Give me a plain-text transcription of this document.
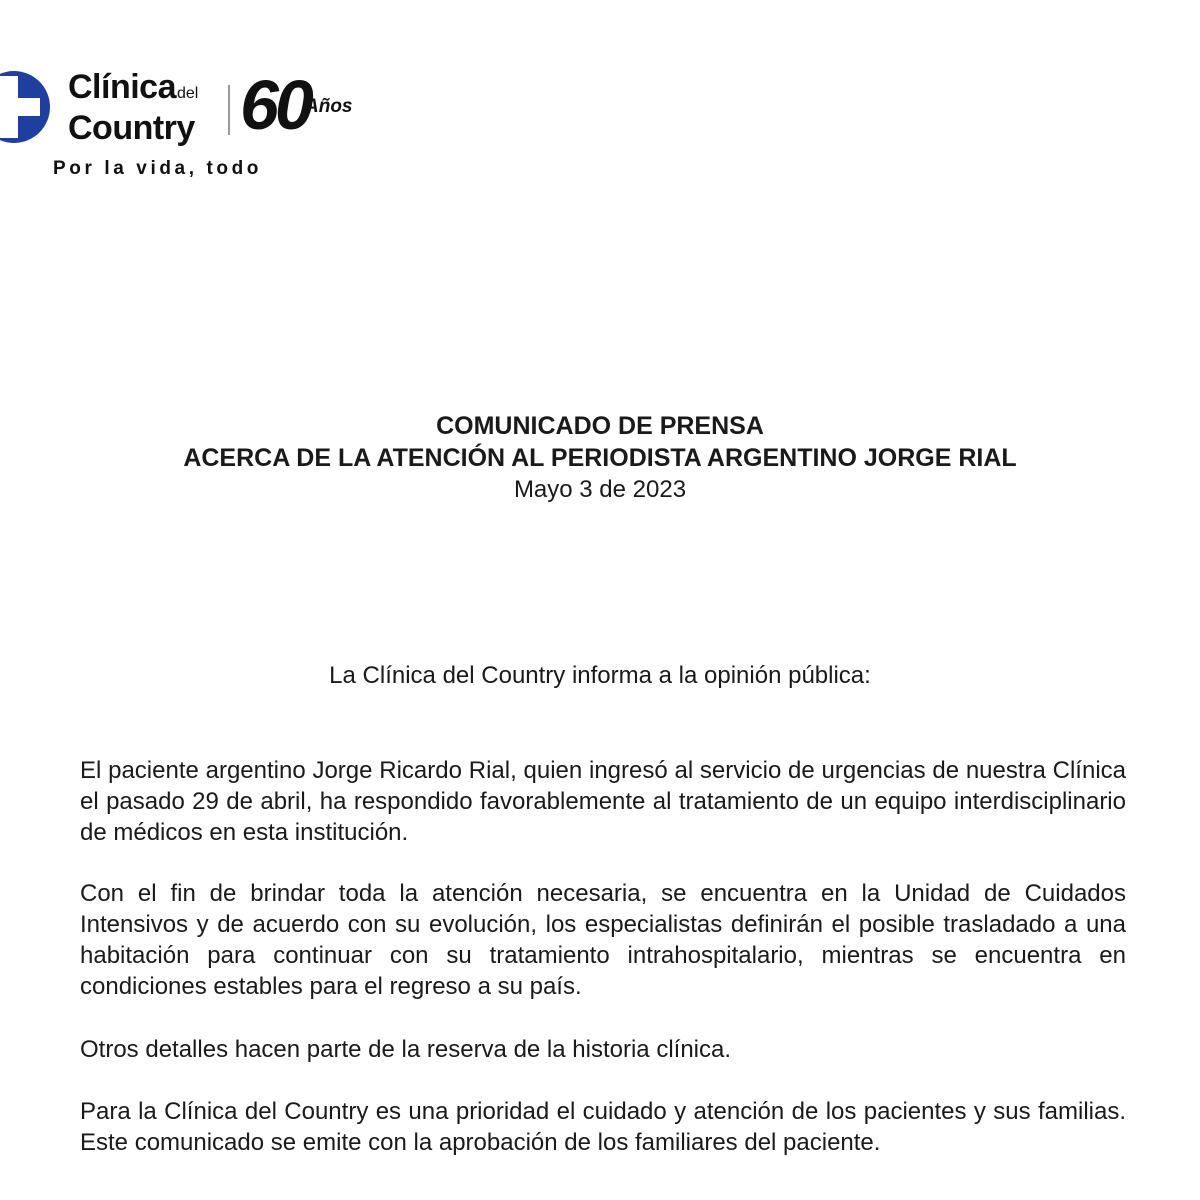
Clínicadel
Country 60
Años
Por la vida, todo
COMUNICADO DE PRENSA
ACERCA DE LA ATENCIÓN AL PERIODISTA ARGENTINO JORGE RIAL
Mayo 3 de 2023
La Clínica del Country informa a la opinión pública:

El paciente argentino Jorge Ricardo Rial, quien ingresó al servicio de urgencias de nuestra Clínica el pasado 29 de abril, ha respondido favorablemente al tratamiento de un equipo interdisciplinario de médicos en esta institución.

Con el fin de brindar toda la atención necesaria, se encuentra en la Unidad de Cuidados Intensivos y de acuerdo con su evolución, los especialistas definirán el posible trasladado a una habitación para continuar con su tratamiento intrahospitalario, mientras se encuentra en condiciones estables para el regreso a su país.

Otros detalles hacen parte de la reserva de la historia clínica.

Para la Clínica del Country es una prioridad el cuidado y atención de los pacientes y sus familias. Este comunicado se emite con la aprobación de los familiares del paciente.
